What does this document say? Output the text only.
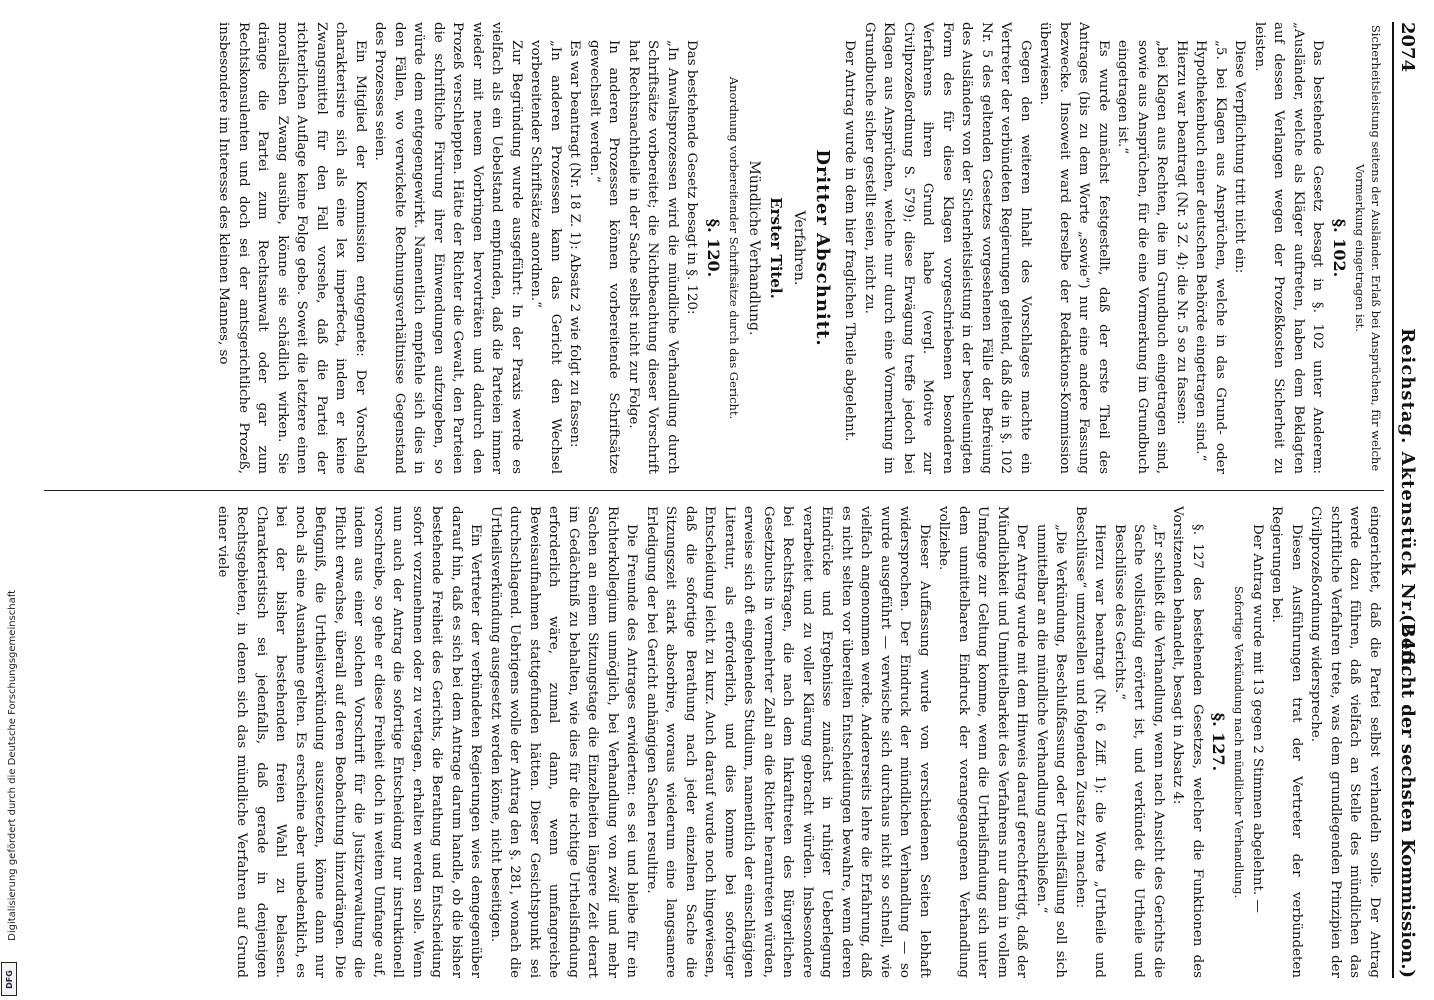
2074
Reichstag. Aktenstück Nr. 240.
(Bericht der sechsten Kommission.)

Sicherheitsleistung seitens der Ausländer. Erlaß bei Ansprüchen, für welche Vormerkung eingetragen ist.

§. 102.

Das bestehende Gesetz besagt in §. 102 unter Anderem: „Ausländer, welche als Kläger auftreten, haben dem Beklagten auf dessen Verlangen wegen der Prozeßkosten Sicherheit zu leisten.

Diese Verpflichtung tritt nicht ein:

„5. bei Klagen aus Ansprüchen, welche in das Grund- oder Hypothekenbuch einer deutschen Behörde eingetragen sind.“

Hierzu war beantragt (Nr. 3 Z. 4): die Nr. 5 so zu fassen:

„bei Klagen aus Rechten, die im Grundbuch eingetragen sind, sowie aus Ansprüchen, für die eine Vormerkung im Grundbuch eingetragen ist.“

Es wurde zunächst festgestellt, daß der erste Theil des Antrages (bis zu dem Worte „sowie“) nur eine andere Fassung bezwecke. Insoweit ward derselbe der Redaktions-Kommission überwiesen.

Gegen den weiteren Inhalt des Vorschlages machte ein Vertreter der verbündeten Regierungen geltend, daß die in §. 102 Nr. 5 des geltenden Gesetzes vorgesehenen Fälle der Befreiung des Ausländers von der Sicherheitsleistung in der beschleunigten Form des für diese Klagen vorgeschriebenen besonderen Verfahrens ihren Grund habe (vergl. Motive zur Civilprozeßordnung S. 579); diese Erwägung treffe jedoch bei Klagen aus Ansprüchen, welche nur durch eine Vormerkung im Grundbuche sicher gestellt seien, nicht zu.

Der Antrag wurde in dem hier fraglichen Theile abgelehnt.

Dritter Abschnitt.

Verfahren.

Erster Titel.

Mündliche Verhandlung.

Anordnung vorbereitender Schriftsätze durch das Gericht.

§. 120.

Das bestehende Gesetz besagt in §. 120:

„In Anwaltsprozessen wird die mündliche Verhandlung durch Schriftsätze vorbereitet; die Nichtbeachtung dieser Vorschrift hat Rechtsnachtheile in der Sache selbst nicht zur Folge.

In anderen Prozessen können vorbereitende Schriftsätze gewechselt werden.“

Es war beantragt (Nr. 18 Z. 1): Absatz 2 wie folgt zu fassen:

„In anderen Prozessen kann das Gericht den Wechsel vorbereitender Schriftsätze anordnen.“

Zur Begründung wurde ausgeführt: In der Praxis werde es vielfach als ein Uebelstand empfunden, daß die Parteien immer wieder mit neuem Vorbringen hervorträten und dadurch den Prozeß verschleppten. Hätte der Richter die Gewalt, den Parteien die schriftliche Fixirung ihrer Einwendungen aufzugeben, so würde dem entgegengewirkt. Namentlich empfehle sich dies in den Fällen, wo verwickelte Rechnungsverhältnisse Gegenstand des Prozesses seien.

Ein Mitglied der Kommission entgegnete: Der Vorschlag charakterisire sich als eine lex imperfecta, indem er keine Zwangsmittel für den Fall vorsehe, daß die Partei der richterlichen Auflage keine Folge gebe. Soweit die letztere einen moralischen Zwang ausübe, könne sie schädlich wirken. Sie dränge die Partei zum Rechtsanwalt oder gar zum Rechtskonsulenten und doch sei der amtsgerichtliche Prozeß, insbesondere im Interesse des kleinen Mannes, so

eingerichtet, daß die Partei selbst verhandeln solle. Der Antrag werde dazu führen, daß vielfach an Stelle des mündlichen das schriftliche Verfahren trete, was dem grundlegenden Prinzipien der Civilprozeßordnung widerspreche.

Diesen Ausführungen trat der Vertreter der verbündeten Regierungen bei.

Der Antrag wurde mit 13 gegen 2 Stimmen abgelehnt. —

Sofortige Verkündung nach mündlicher Verhandlung.

§. 127.

§. 127 des bestehenden Gesetzes, welcher die Funktionen des Vorsitzenden behandelt, besagt in Absatz 4:

„Er schließt die Verhandlung, wenn nach Ansicht des Gerichts die Sache vollständig erörtert ist, und verkündet die Urtheile und Beschlüsse des Gerichts.“

Hierzu war beantragt (Nr. 6 Ziff. 1): die Worte „Urtheile und Beschlüsse“ umzustellen und folgenden Zusatz zu machen:

„Die Verkündung, Beschlußfassung oder Urtheilsfällung soll sich unmittelbar an die mündliche Verhandlung anschließen.“

Der Antrag wurde mit dem Hinweis darauf gerechtfertigt, daß der Mündlichkeit und Unmittelbarkeit des Verfahrens nur dann in vollem Umfange zur Geltung komme, wenn die Urtheilsfindung sich unter dem unmittelbaren Eindruck der vorangegangenen Verhandlung vollziehe.

Dieser Auffassung wurde von verschiedenen Seiten lebhaft widersprochen. Der Eindruck der mündlichen Verhandlung — so wurde ausgeführt — verwische sich durchaus nicht so schnell, wie vielfach angenommen werde. Andererseits lehre die Erfahrung, daß es nicht selten vor übereilten Entscheidungen bewahre, wenn deren Eindrücke und Ergebnisse zunächst in ruhiger Ueberlegung verarbeitet und zu voller Klärung gebracht würden. Insbesondere bei Rechtsfragen, die nach dem Inkrafttreten des Bürgerlichen Gesetzbuchs in vermehrter Zahl an die Richter herantreten würden, erweise sich oft eingehendes Studium, namentlich der einschlägigen Literatur, als erforderlich, und dies komme bei sofortiger Entscheidung leicht zu kurz. Auch darauf wurde noch hingewiesen, daß die sofortige Berathung nach jeder einzelnen Sache die Sitzungszeit stark absorbire, woraus wiederum eine langsamere Erledigung der bei Gericht anhängigen Sachen resultire.

Die Freunde des Antrages erwiderten: es sei und bleibe für ein Richterkollegium unmöglich, bei Verhandlung von zwölf und mehr Sachen an einem Sitzungstage die Einzelheiten längere Zeit derart im Gedächtniß zu behalten, wie dies für die richtige Urtheilsfindung erforderlich wäre, zumal dann, wenn umfangreiche Beweisaufnahmen stattgefunden hätten. Dieser Gesichtspunkt sei durchschlagend. Uebrigens wolle der Antrag den §. 281, wonach die Urtheilsverkündung ausgesetzt werden könne, nicht beseitigen.

Ein Vertreter der verbündeten Regierungen wies demgegenüber darauf hin, daß es sich bei dem Antrage darum handle, ob die bisher bestehende Freiheit des Gerichts, die Berathung und Entscheidung sofort vorzunehmen oder zu vertagen, erhalten werden solle. Wenn nun auch der Antrag die sofortige Entscheidung nur instruktionell vorschreibe, so gehe er diese Freiheit doch in weitem Umfange auf, indem aus einer solchen Vorschrift für die Justizverwaltung die Pflicht erwachse, überall auf deren Beobachtung hinzudrängen. Die Befugniß, die Urtheilsverkündung auszusetzen, könne dann nur noch als eine Ausnahme gelten. Es erscheine aber unbedenklich, es bei der bisher bestehenden freien Wahl zu belassen. Charakteristisch sei jedenfalls, daß gerade in denjenigen Rechtsgebieten, in denen sich das mündliche Verfahren auf Grund einer viele

Digitalisierung gefördert durch die Deutsche Forschungsgemeinschaft
DFG
